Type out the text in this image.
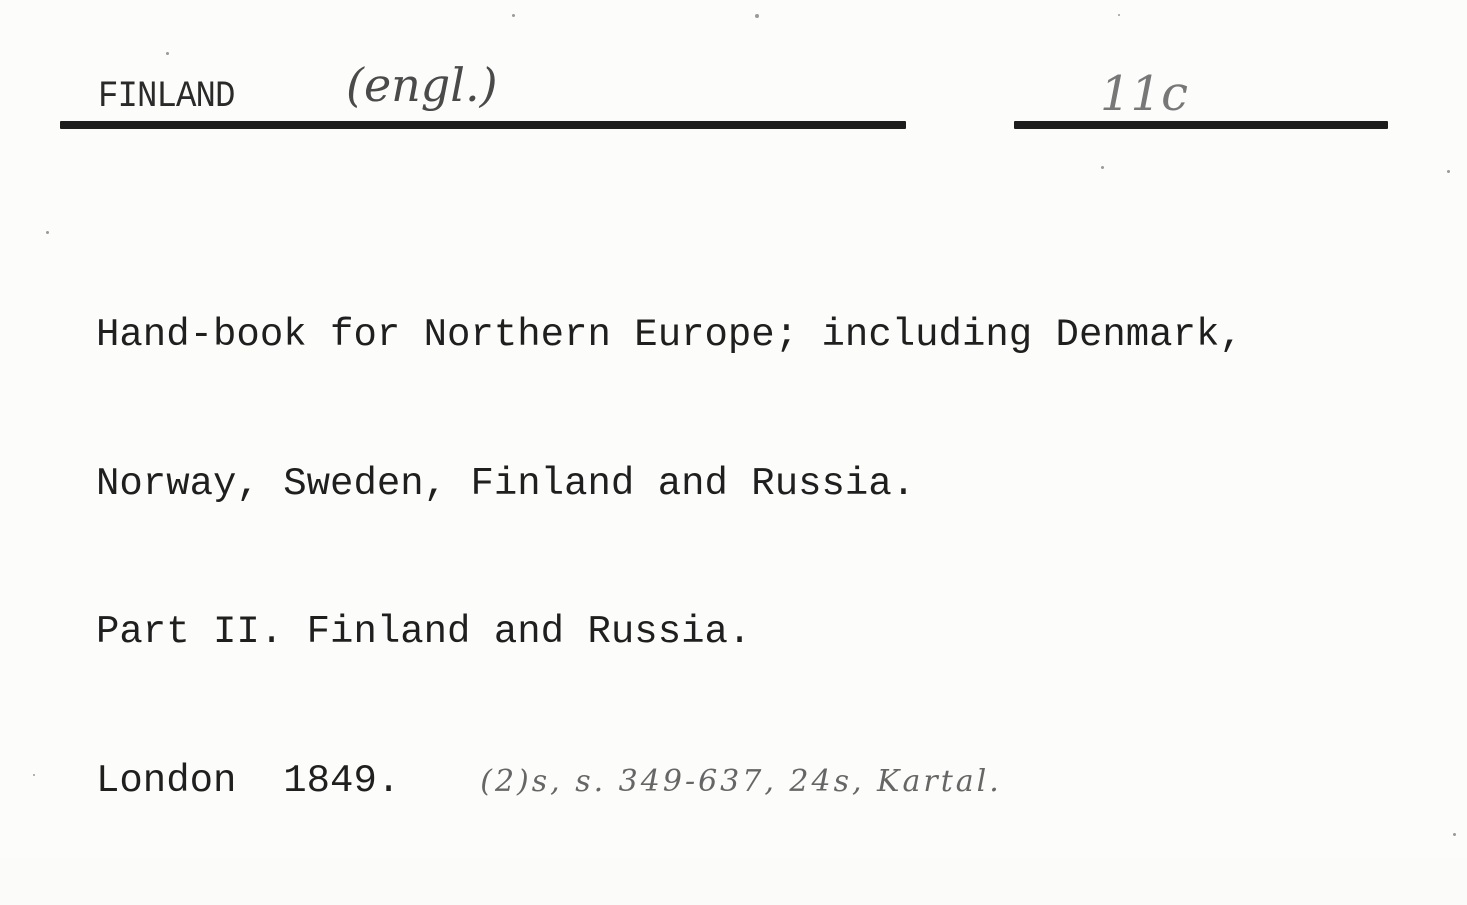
FINLAND (engl.)	11c

Hand-book for Northern Europe; including Denmark,

Norway, Sweden, Finland and Russia.

Part II. Finland and Russia.

London  1849.	(2)s, s. 349-637, 24s, Kartal.
